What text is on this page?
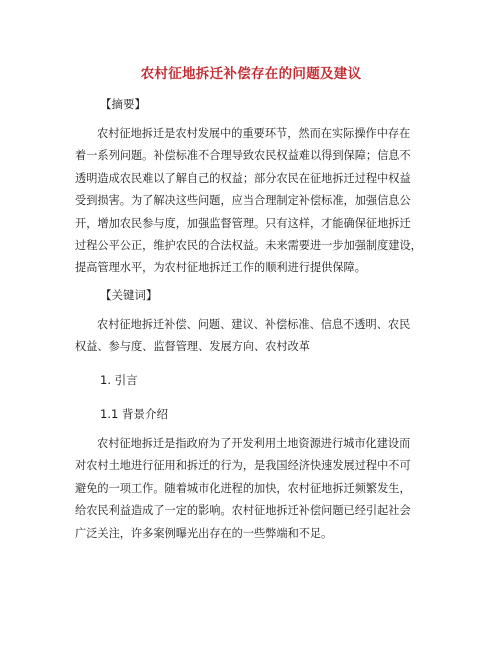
农村征地拆迁补偿存在的问题及建议
【摘要】
农村征地拆迁是农村发展中的重要环节，然而在实际操作中存在
着一系列问题。补偿标准不合理导致农民权益难以得到保障；信息不
透明造成农民难以了解自己的权益；部分农民在征地拆迁过程中权益
受到损害。为了解决这些问题，应当合理制定补偿标准，加强信息公
开，增加农民参与度，加强监督管理。只有这样，才能确保征地拆迁
过程公平公正，维护农民的合法权益。未来需要进一步加强制度建设，
提高管理水平，为农村征地拆迁工作的顺利进行提供保障。
【关键词】
农村征地拆迁补偿、问题、建议、补偿标准、信息不透明、农民
权益、参与度、监督管理、发展方向、农村改革
1. 引言
1.1 背景介绍
农村征地拆迁是指政府为了开发利用土地资源进行城市化建设而
对农村土地进行征用和拆迁的行为，是我国经济快速发展过程中不可
避免的一项工作。随着城市化进程的加快，农村征地拆迁频繁发生，
给农民利益造成了一定的影响。农村征地拆迁补偿问题已经引起社会
广泛关注，许多案例曝光出存在的一些弊端和不足。
